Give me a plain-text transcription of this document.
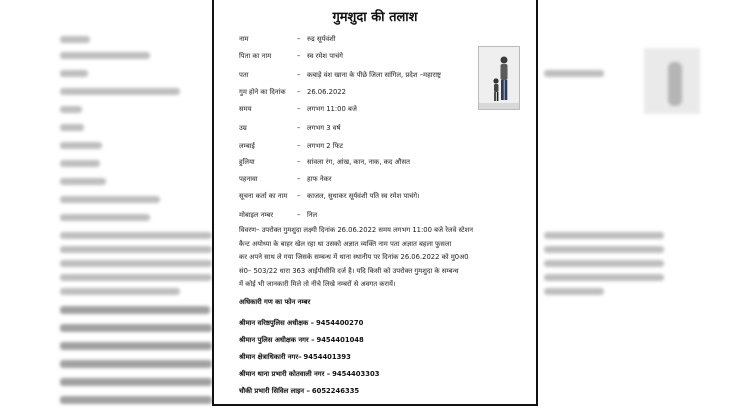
गुमशुदा की तलाश
नाम	– रुद्र सूर्यवंशी
पिता का नाम	– स्व रमेश पाचंगे
पता	– कबाड़े वंश खाना के पीछे जिला सांगिल, प्रदेश –महाराष्ट्र
गुम होने का दिनांक – 26.06.2022
समय	– लगभग 11:00 बजे
उम्र	– लगभग 3 वर्ष
लम्बाई	– लगभग 2 फिट
हुलिया	– सांवला रंग, आंख, कान, नाक, कद औसत
पहनावा	– हाफ नेकर
सूचना कर्ता का नाम – काजल, सुधाकर सूर्यवंशी पति स्व रमेश पाचंगे।
मोबाइल नम्बर	– निल
विवरण– उपरोक्त गुमशुदा लक्ष्मी दिनांक 26.06.2022 समय लगभग 11:00 बजे रेलवे स्टेशन
कैन्ट अयोध्या के बाहर खेल रहा था उसको अज्ञात व्यक्ति नाम पता अज्ञात बहला फुसला
कर अपने साथ ले गया जिसके सम्बन्ध में थाना स्थानीय पर दिनांक 26.06.2022 को मु0अ0
सं0– 503/22 धारा 363 आईपीसीवि दर्ज है। यदि किसी को उपरोक्त गुमशुदा के सम्बन्ध
में कोई भी जानकारी मिले तो नीचे लिखे नम्बरों से अवगत करायें।
अधिकारी गण का फोन नम्बर
श्रीमान वरिष्ठपुलिस अधीक्षक – 9454400270
श्रीमान पुलिस अधीक्षक नगर – 9454401048
श्रीमान क्षेत्राधिकारी नगर– 9454401393
श्रीमान थाना प्रभारी कोतवाली नगर – 9454403303
चौकी प्रभारी सिविल लाइन – 6052246335
